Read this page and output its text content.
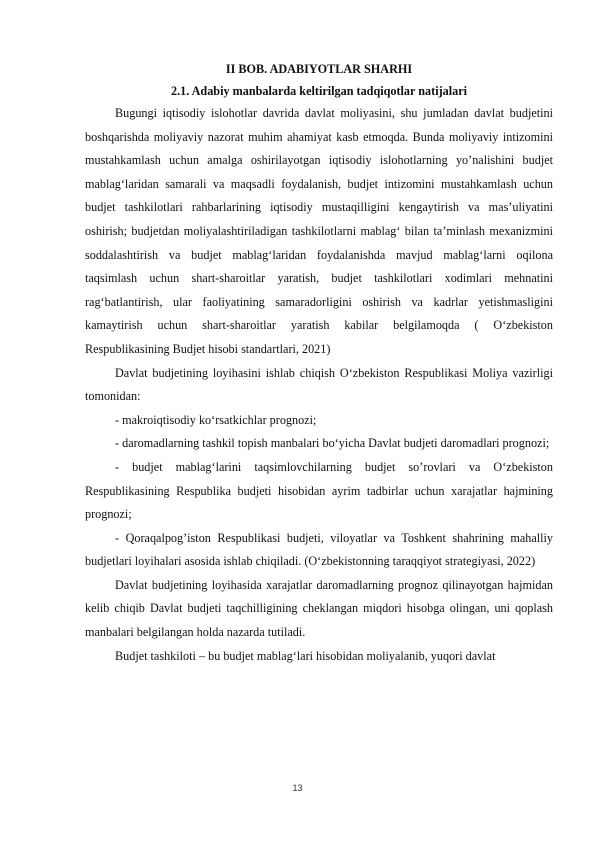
II BOB. ADABIYOTLAR SHARHI

2.1. Adabiy manbalarda keltirilgan tadqiqotlar natijalari

Bugungi iqtisodiy islohotlar davrida davlat moliyasini, shu jumladan davlat budjetini boshqarishda moliyaviy nazorat muhim ahamiyat kasb etmoqda. Bunda moliyaviy intizomini mustahkamlash uchun amalga oshirilayotgan iqtisodiy islohotlarning yo’nalishini budjet mablag‘laridan samarali va maqsadli foydalanish, budjet intizomini mustahkamlash uchun budjet tashkilotlari rahbarlarining iqtisodiy mustaqilligini kengaytirish va mas’uliyatini oshirish; budjetdan moliyalashtiriladigan tashkilotlarni mablag‘ bilan ta’minlash mexanizmini soddalashtirish va budjet mablag‘laridan foydalanishda mavjud mablag‘larni oqilona taqsimlash uchun shart-sharoitlar yaratish, budjet tashkilotlari xodimlari mehnatini rag‘batlantirish, ular faoliyatining samaradorligini oshirish va kadrlar yetishmasligini kamaytirish uchun shart-sharoitlar yaratish kabilar belgilamoqda ( O‘zbekiston Respublikasining Budjet hisobi standartlari, 2021)

Davlat budjetining loyihasini ishlab chiqish O‘zbekiston Respublikasi Moliya vazirligi tomonidan:

- makroiqtisodiy ko‘rsatkichlar prognozi;

- daromadlarning tashkil topish manbalari bo‘yicha Davlat budjeti daromadlari prognozi;

- budjet mablag‘larini taqsimlovchilarning budjet so’rovlari va O‘zbekiston Respublikasining Respublika budjeti hisobidan ayrim tadbirlar uchun xarajatlar hajmining prognozi;

- Qoraqalpog’iston Respublikasi budjeti, viloyatlar va Toshkent shahrining mahalliy budjetlari loyihalari asosida ishlab chiqiladi. (O‘zbekistonning taraqqiyot strategiyasi, 2022)

Davlat budjetining loyihasida xarajatlar daromadlarning prognoz qilinayotgan hajmidan kelib chiqib Davlat budjeti taqchilligining cheklangan miqdori hisobga olingan, uni qoplash manbalari belgilangan holda nazarda tutiladi.

Budjet tashkiloti – bu budjet mablag‘lari hisobidan moliyalanib, yuqori davlat

13
